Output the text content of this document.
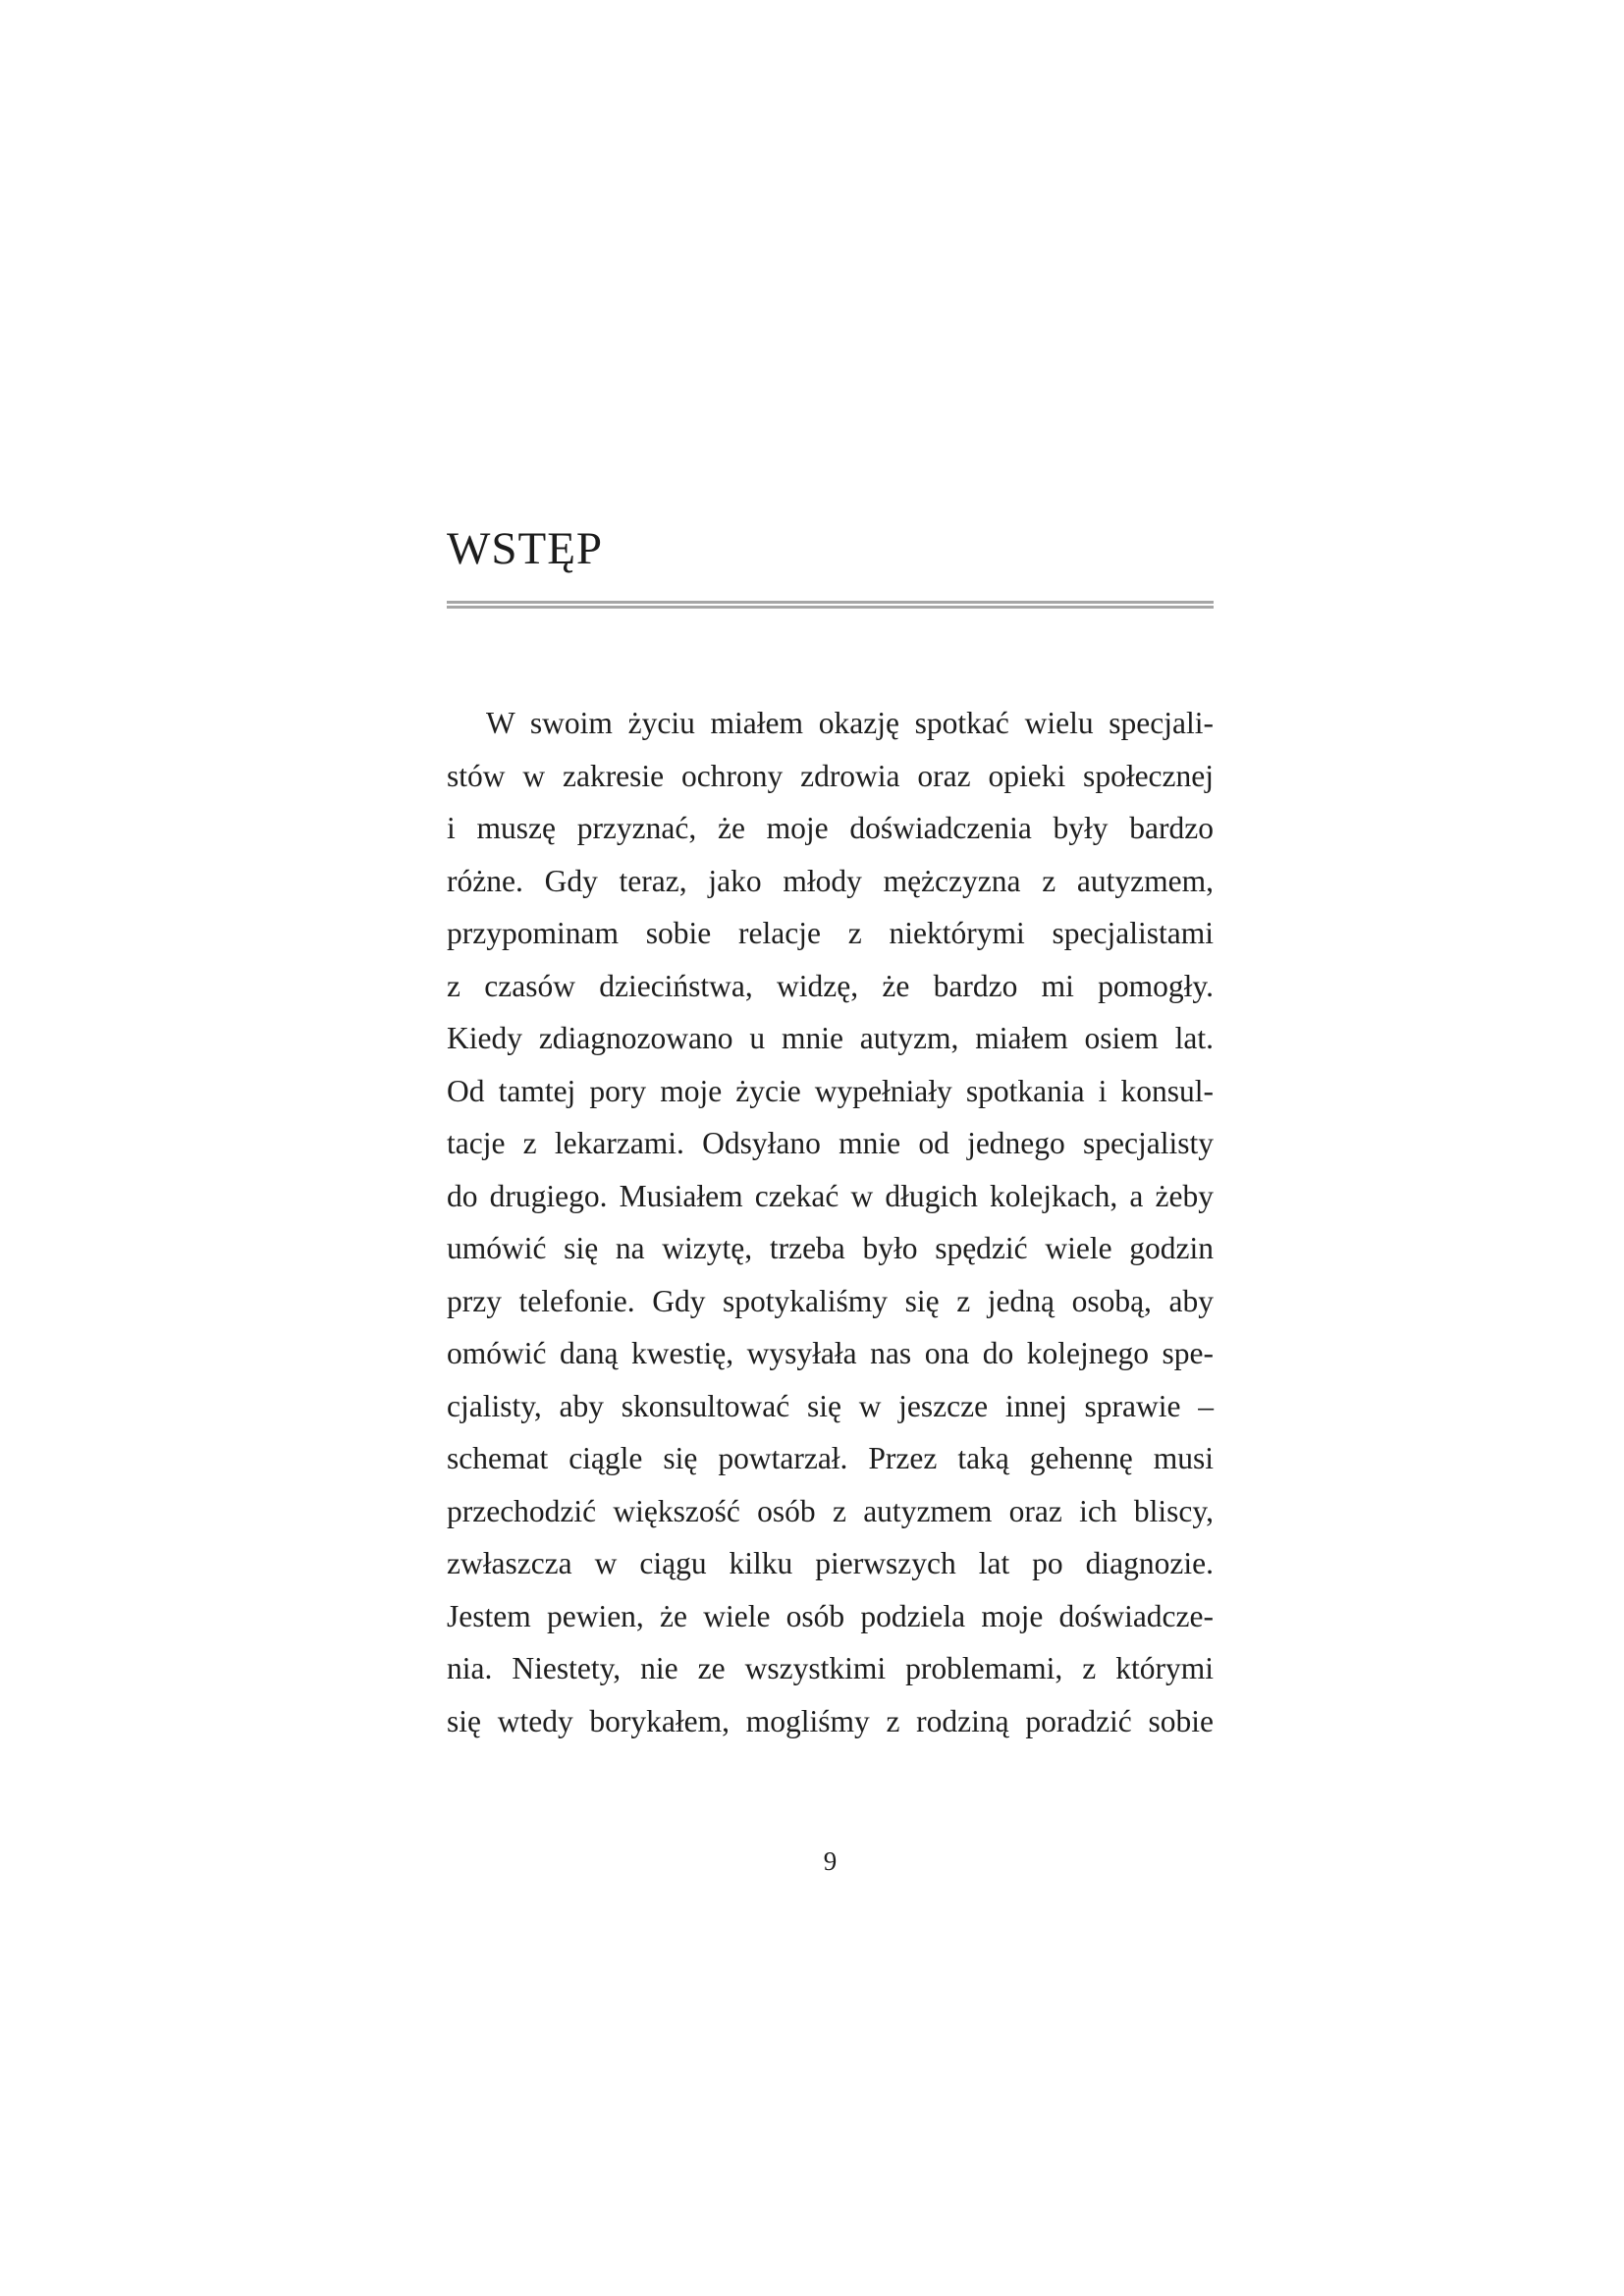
WSTĘP
W swoim życiu miałem okazję spotkać wielu specjali-
stów w zakresie ochrony zdrowia oraz opieki społecznej
i muszę przyznać, że moje doświadczenia były bardzo
różne. Gdy teraz, jako młody mężczyzna z autyzmem,
przypominam sobie relacje z niektórymi specjalistami
z czasów dzieciństwa, widzę, że bardzo mi pomogły.
Kiedy zdiagnozowano u mnie autyzm, miałem osiem lat.
Od tamtej pory moje życie wypełniały spotkania i konsul-
tacje z lekarzami. Odsyłano mnie od jednego specjalisty
do drugiego. Musiałem czekać w długich kolejkach, a żeby
umówić się na wizytę, trzeba było spędzić wiele godzin
przy telefonie. Gdy spotykaliśmy się z jedną osobą, aby
omówić daną kwestię, wysyłała nas ona do kolejnego spe-
cjalisty, aby skonsultować się w jeszcze innej sprawie –
schemat ciągle się powtarzał. Przez taką gehennę musi
przechodzić większość osób z autyzmem oraz ich bliscy,
zwłaszcza w ciągu kilku pierwszych lat po diagnozie.
Jestem pewien, że wiele osób podziela moje doświadcze-
nia. Niestety, nie ze wszystkimi problemami, z którymi
się wtedy borykałem, mogliśmy z rodziną poradzić sobie
9
